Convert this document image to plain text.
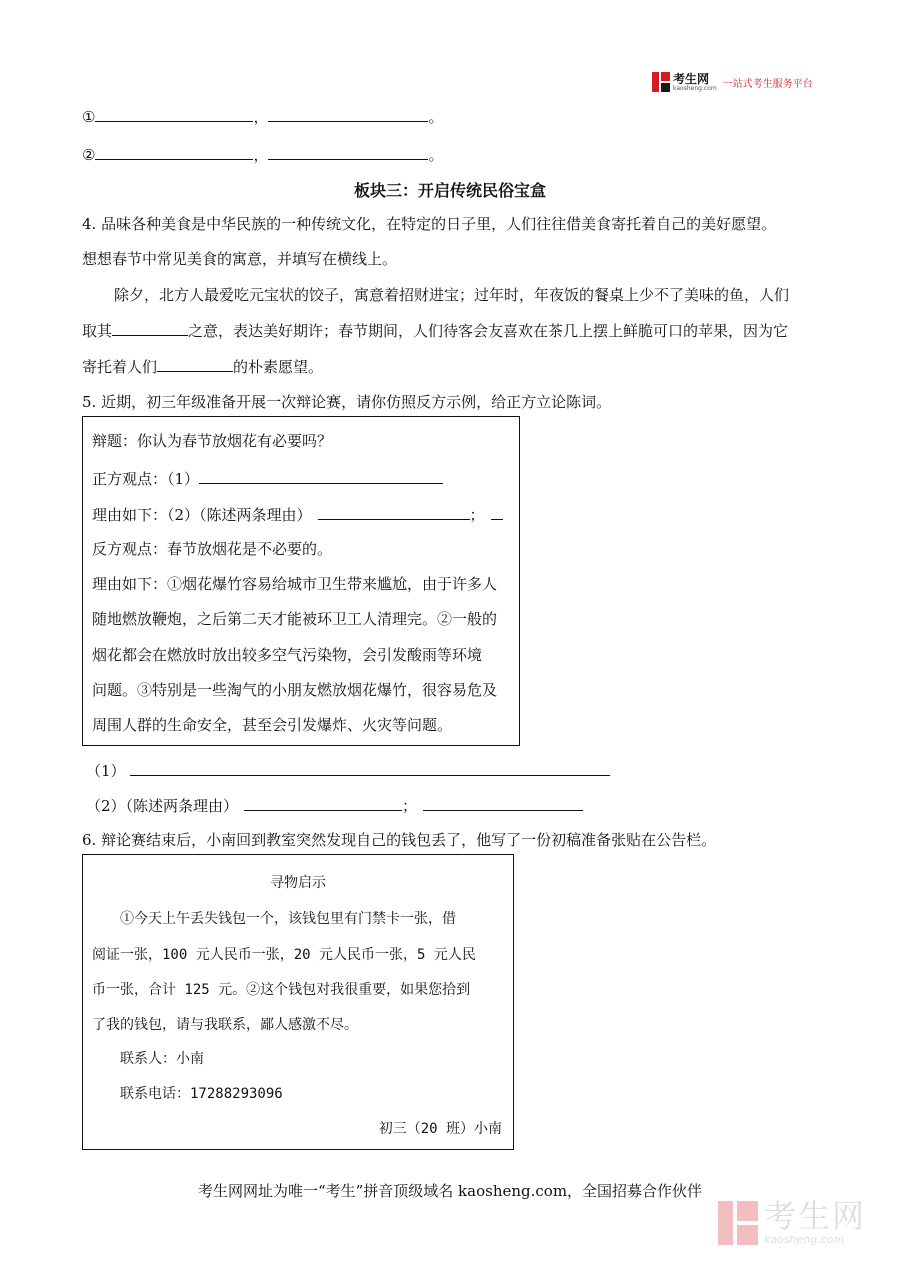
考生网
kaosheng.com 一站式考生服务平台
①	，	。
②	，	。
板块三：开启传统民俗宝盒
4. 品味各种美食是中华民族的一种传统文化，在特定的日子里，人们往往借美食寄托着自己的美好愿望。
想想春节中常见美食的寓意，并填写在横线上。
除夕，北方人最爱吃元宝状的饺子，寓意着招财进宝；过年时，年夜饭的餐桌上少不了美味的鱼，人们
取其	之意，表达美好期许；春节期间，人们待客会友喜欢在茶几上摆上鲜脆可口的苹果，因为它
寄托着人们	的朴素愿望。
5. 近期，初三年级准备开展一次辩论赛，请你仿照反方示例，给正方立论陈词。
辩题：你认为春节放烟花有必要吗？
正方观点：（1）
理由如下：（2）（陈述两条理由）	；
反方观点：春节放烟花是不必要的。
理由如下：①烟花爆竹容易给城市卫生带来尴尬，由于许多人
随地燃放鞭炮，之后第二天才能被环卫工人清理完。②一般的
烟花都会在燃放时放出较多空气污染物，会引发酸雨等环境
问题。③特别是一些淘气的小朋友燃放烟花爆竹，很容易危及
周围人群的生命安全，甚至会引发爆炸、火灾等问题。
（1）
（2）（陈述两条理由）	；
6. 辩论赛结束后，小南回到教室突然发现自己的钱包丢了，他写了一份初稿准备张贴在公告栏。
寻物启示
①今天上午丢失钱包一个，该钱包里有门禁卡一张，借
阅证一张，100 元人民币一张，20 元人民币一张，5 元人民
币一张，合计 125 元。②这个钱包对我很重要，如果您拾到
了我的钱包，请与我联系，鄙人感激不尽。
联系人：小南
联系电话：17288293096
初三（20 班）小南
考生网网址为唯一“考生”拼音顶级域名 kaosheng.com，全国招募合作伙伴
考生网
kaosheng.com
